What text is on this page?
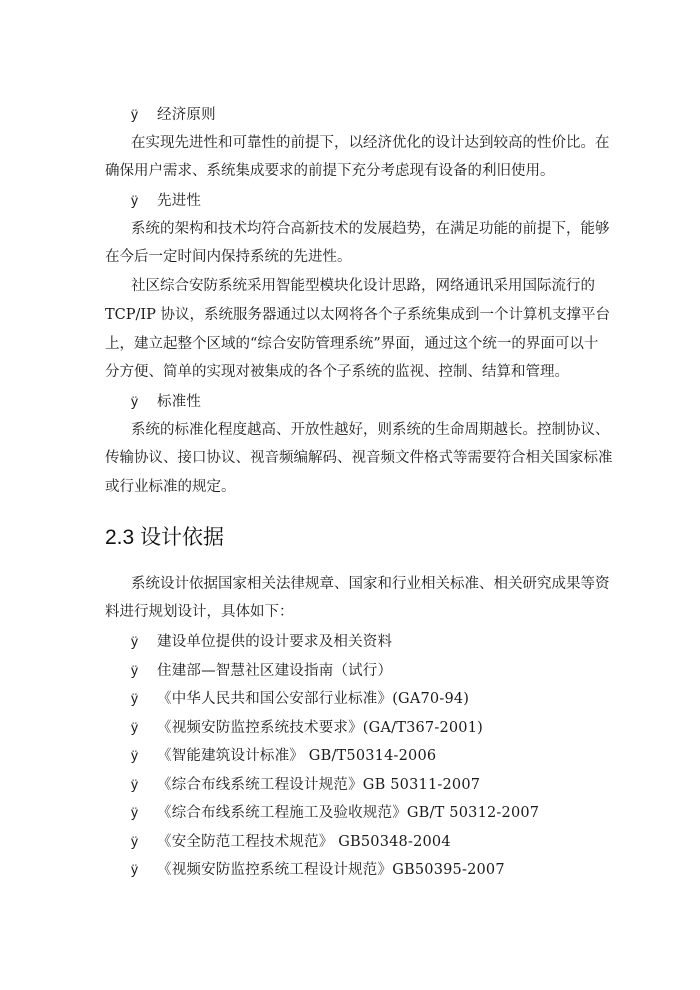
ÿ 经济原则
在实现先进性和可靠性的前提下，以经济优化的设计达到较高的性价比。在
确保用户需求、系统集成要求的前提下充分考虑现有设备的利旧使用。
ÿ 先进性
系统的架构和技术均符合高新技术的发展趋势，在满足功能的前提下，能够
在今后一定时间内保持系统的先进性。
社区综合安防系统采用智能型模块化设计思路，网络通讯采用国际流行的
TCP/IP 协议，系统服务器通过以太网将各个子系统集成到一个计算机支撑平台
上，建立起整个区域的“综合安防管理系统”界面，通过这个统一的界面可以十
分方便、简单的实现对被集成的各个子系统的监视、控制、结算和管理。
ÿ 标准性
系统的标准化程度越高、开放性越好，则系统的生命周期越长。控制协议、
传输协议、接口协议、视音频编解码、视音频文件格式等需要符合相关国家标准
或行业标准的规定。
2.3 设计依据
系统设计依据国家相关法律规章、国家和行业相关标准、相关研究成果等资
料进行规划设计，具体如下：
ÿ 建设单位提供的设计要求及相关资料
ÿ 住建部—智慧社区建设指南（试行）
ÿ 《中华人民共和国公安部行业标准》(GA70-94)
ÿ 《视频安防监控系统技术要求》(GA/T367-2001)
ÿ 《智能建筑设计标准》 GB/T50314-2006
ÿ 《综合布线系统工程设计规范》GB 50311-2007
ÿ 《综合布线系统工程施工及验收规范》GB/T 50312-2007
ÿ 《安全防范工程技术规范》 GB50348-2004
ÿ 《视频安防监控系统工程设计规范》GB50395-2007
